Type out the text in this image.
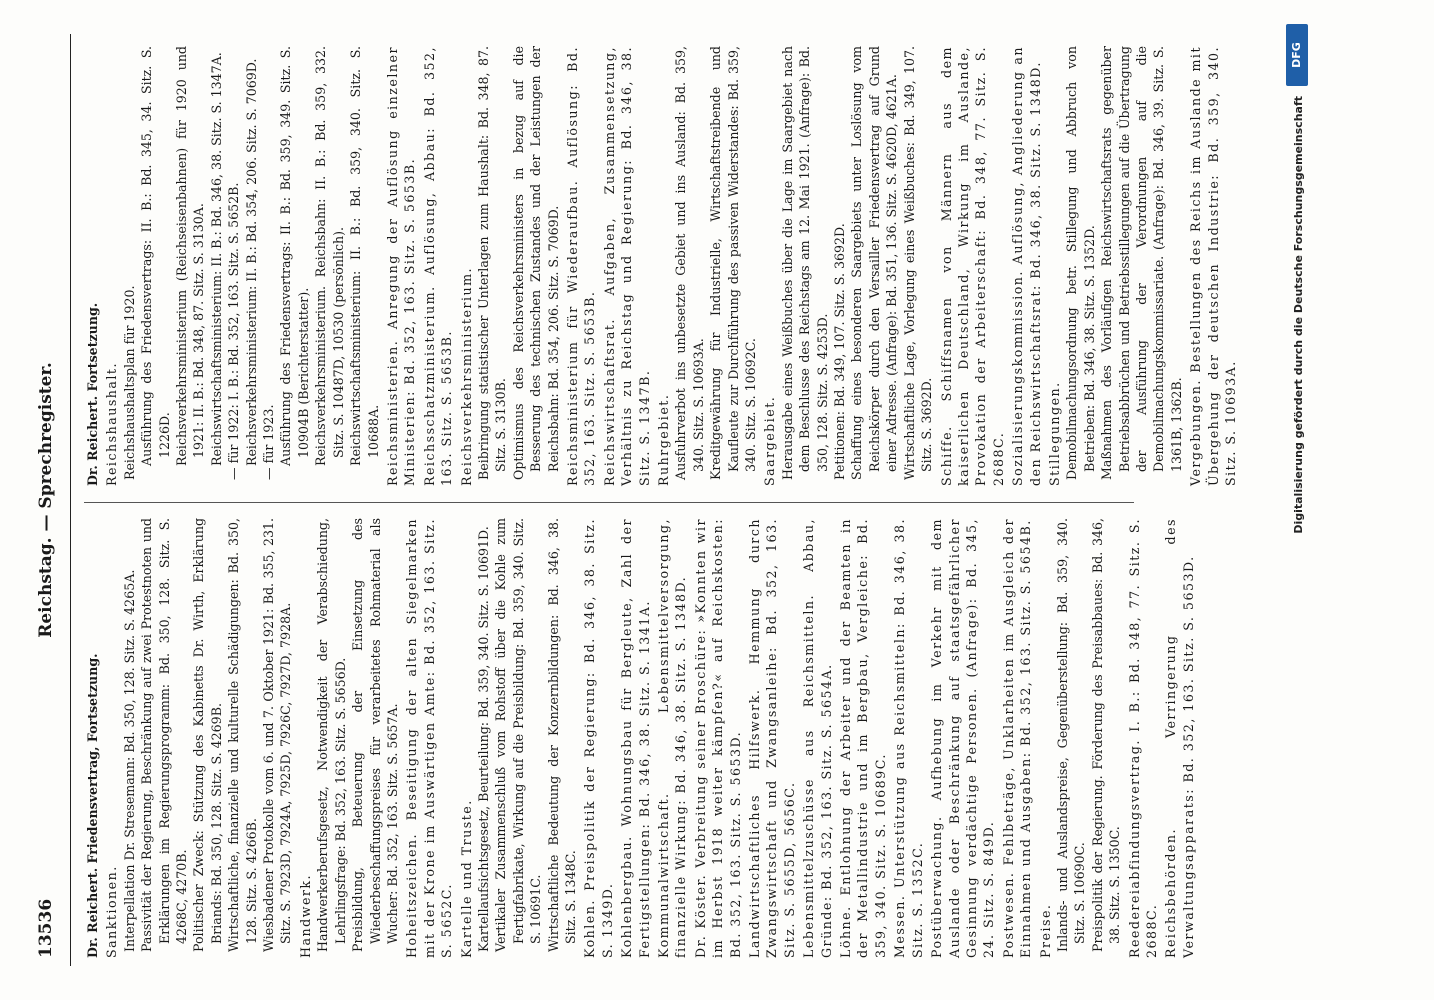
13536
Reichstag. — Sprechregister.

Dr. Reichert. Friedensvertrag, Fortsetzung. Sanktionen. Interpellation Dr. Stresemann: Bd. 350, 128. Sitz. S. 4265A. Passivität der Regierung, Beschränkung auf zwei Protestnoten und Erklärungen im Regierungsprogramm: Bd. 350, 128. Sitz. S. 4268C, 4270B. Politischer Zweck: Stützung des Kabinetts Dr. Wirth, Erklärung Briands: Bd. 350, 128. Sitz. S. 4269B. Wirtschaftliche, finanzielle und kulturelle Schädigungen: Bd. 350, 128. Sitz. S. 4266B. Wiesbadener Protokolle vom 6. und 7. Oktober 1921: Bd. 355, 231. Sitz. S. 7923D, 7924A, 7925D, 7926C, 7927D, 7928A. Handwerk. Handwerkerberufsgesetz, Notwendigkeit der Verabschiedung, Lehrlingsfrage: Bd. 352, 163. Sitz. S. 5656D. Preisbildung, Beteuerung der Einsetzung des Wiederbeschaffungspreises für verarbeitetes Rohmaterial als Wucher: Bd. 352, 163. Sitz. S. 5657A. Hoheitszeichen. Beseitigung der alten Siegelmarken mit der Krone im Auswärtigen Amte: Bd. 352, 163. Sitz. S. 5652C. Kartelle und Truste. Kartellaufsichtsgesetz, Beurteilung: Bd. 359, 340. Sitz. S. 10691D. Vertikaler Zusammenschluß vom Rohstoff über die Kohle zum Fertigfabrikate, Wirkung auf die Preisbildung: Bd. 359, 340. Sitz. S. 10691C. Wirtschaftliche Bedeutung der Konzernbildungen: Bd. 346, 38. Sitz. S. 1348C. Kohlen. Preispolitik der Regierung: Bd. 346, 38. Sitz. S. 1349D. Kohlenbergbau. Wohnungsbau für Bergleute, Zahl der Fertigstellungen: Bd. 346, 38. Sitz. S. 1341A. Kommunalwirtschaft. Lebensmittelversorgung, finanzielle Wirkung: Bd. 346, 38. Sitz. S. 1348D. Dr. Köster. Verbreitung seiner Broschüre: »Konnten wir im Herbst 1918 weiter kämpfen?« auf Reichskosten: Bd. 352, 163. Sitz. S. 5653D. Landwirtschaftliches Hilfswerk. Hemmung durch Zwangswirtschaft und Zwangsanleihe: Bd. 352, 163. Sitz. S. 5655D, 5656C. Lebensmittelzuschüsse aus Reichsmitteln. Abbau, Gründe: Bd. 352, 163. Sitz. S. 5654A. Löhne. Entlohnung der Arbeiter und der Beamten in der Metallindustrie und im Bergbau, Vergleiche: Bd. 359, 340. Sitz. S. 10689C. Messen. Unterstützung aus Reichsmitteln: Bd. 346, 38. Sitz. S. 1352C. Postüberwachung. Aufhebung im Verkehr mit dem Auslande oder Beschränkung auf staatsgefährlicher Gesinnung verdächtige Personen. (Anfrage): Bd. 345, 24. Sitz. S. 849D. Postwesen. Fehlbeträge, Unklarheiten im Ausgleich der Einnahmen und Ausgaben: Bd. 352, 163. Sitz. S. 5654B. Preise. Inlands- und Auslandspreise, Gegenüberstellung: Bd. 359, 340. Sitz. S. 10690C. Preispolitik der Regierung. Förderung des Preisabbaues: Bd. 346, 38. Sitz. S. 1350C. Reedereiabfindungsvertrag. I. B.: Bd. 348, 77. Sitz. S. 2688C. Reichsbehörden. Verringerung des Verwaltungsapparats: Bd. 352, 163. Sitz. S. 5653D.

Dr. Reichert. Fortsetzung. Reichshaushalt. Reichshaushaltsplan für 1920. Ausführung des Friedensvertrags: II. B.: Bd. 345, 34. Sitz. S. 1226D. Reichsverkehrsministerium (Reichseisenbahnen) für 1920 und 1921: II. B.: Bd. 348, 87. Sitz. S. 3130A. Reichswirtschaftsministerium: II. B.: Bd. 346, 38. Sitz. S. 1347A. — für 1922: I. B.: Bd. 352, 163. Sitz. S. 5652B. Reichsverkehrsministerium: II. B.: Bd. 354, 206. Sitz. S. 7069D. — für 1923. Ausführung des Friedensvertrags: II. B.: Bd. 359, 349. Sitz. S. 10904B (Berichterstatter). Reichsverkehrsministerium. Reichsbahn: II. B.: Bd. 359, 332. Sitz. S. 10487D, 10530 (persönlich). Reichswirtschaftsministerium: II. B.: Bd. 359, 340. Sitz. S. 10688A. Reichsministerien. Anregung der Auflösung einzelner Ministerien: Bd. 352, 163. Sitz. S. 5653B. Reichsschatzministerium. Auflösung, Abbau: Bd. 352, 163. Sitz. S. 5653B. Reichsverkehrsministerium. Beibringung statistischer Unterlagen zum Haushalt: Bd. 348, 87. Sitz. S. 3130B. Optimismus des Reichsverkehrsministers in bezug auf die Besserung des technischen Zustandes und der Leistungen der Reichsbahn: Bd. 354, 206. Sitz. S. 7069D. Reichsministerium für Wiederaufbau. Auflösung: Bd. 352, 163. Sitz. S. 5653B. Reichswirtschaftsrat. Aufgaben, Zusammensetzung, Verhältnis zu Reichstag und Regierung: Bd. 346, 38. Sitz. S. 1347B. Ruhrgebiet. Ausfuhrverbot ins unbesetzte Gebiet und ins Ausland: Bd. 359, 340. Sitz. S. 10693A. Kreditgewährung für Industrielle, Wirtschaftstreibende und Kaufleute zur Durchführung des passiven Widerstandes: Bd. 359, 340. Sitz. S. 10692C. Saargebiet. Herausgabe eines Weißbuches über die Lage im Saargebiet nach dem Beschlusse des Reichstags am 12. Mai 1921. (Anfrage): Bd. 350, 128. Sitz. S. 4253D. Petitionen: Bd. 349, 107. Sitz. S. 3692D. Schaffung eines besonderen Saargebiets unter Loslösung vom Reichskörper durch den Versailler Friedensvertrag auf Grund einer Adresse. (Anfrage): Bd. 351, 136. Sitz. S. 4620D, 4621A. Wirtschaftliche Lage, Vorlegung eines Weißbuches: Bd. 349, 107. Sitz. S. 3692D. Schiffe. Schiffsnamen von Männern aus dem kaiserlichen Deutschland, Wirkung im Auslande, Provokation der Arbeiterschaft: Bd. 348, 77. Sitz. S. 2688C. Sozialisierungskommission. Auflösung, Angliederung an den Reichswirtschaftsrat: Bd. 346, 38. Sitz. S. 1348D. Stillegungen. Demobilmachungsordnung betr. Stillegung und Abbruch von Betrieben: Bd. 346, 38. Sitz. S. 1352D. Maßnahmen des Vorläufigen Reichswirtschaftsrats gegenüber Betriebsabbrüchen und Betriebsstillegungen auf die Übertragung der Ausführung der Verordnungen auf die Demobilmachungskommissariate. (Anfrage): Bd. 346, 39. Sitz. S. 1361B, 1362B. Vergebungen. Bestellungen des Reichs im Auslande mit Übergehung der deutschen Industrie: Bd. 359, 340. Sitz. S. 10693A.	Digitalisierung gefördert durch die Deutsche Forschungsgemeinschaft
DFG
